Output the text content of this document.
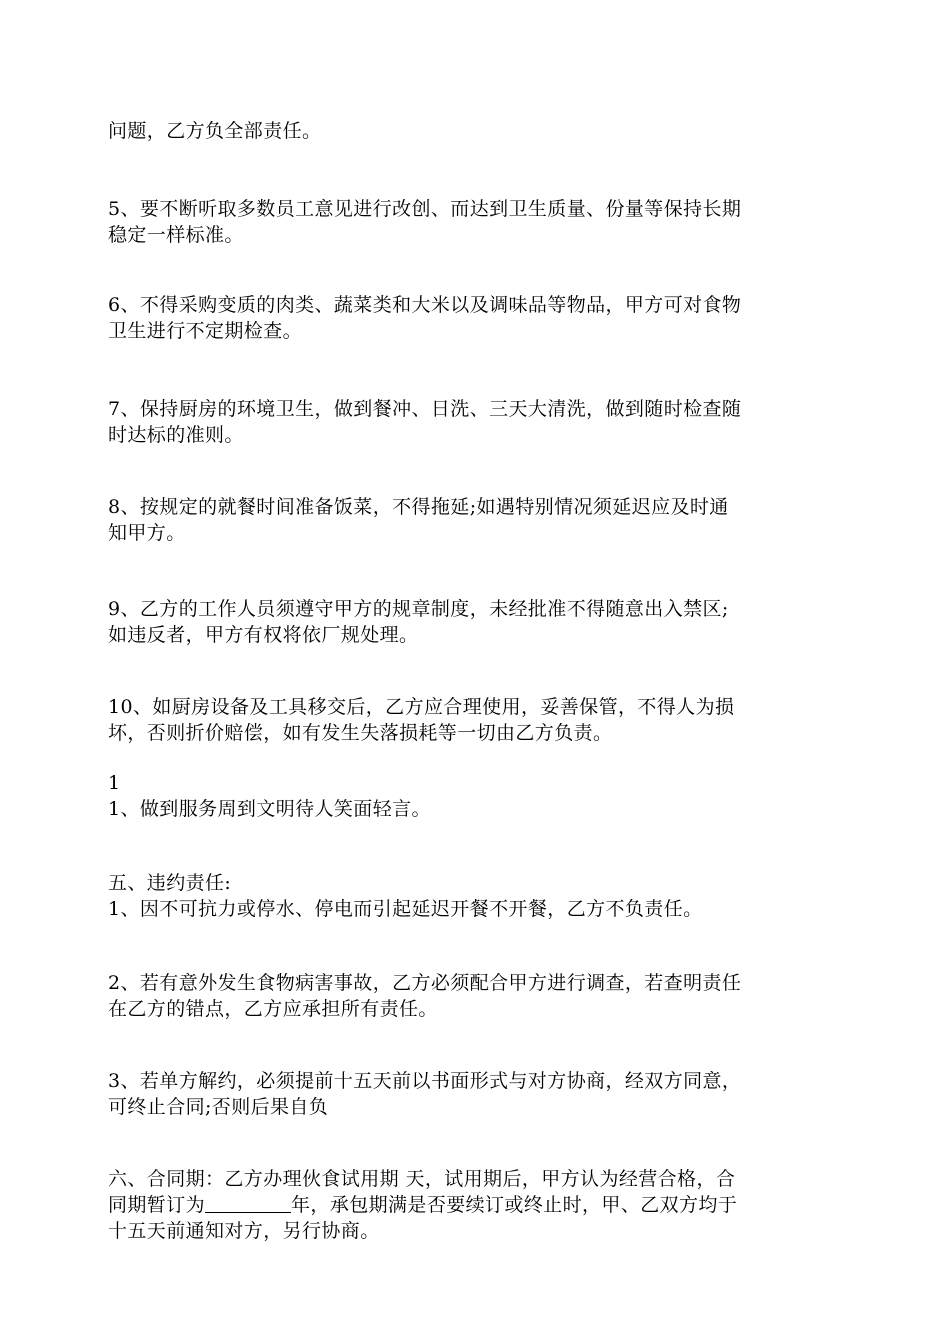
问题，乙方负全部责任。
5、要不断听取多数员工意见进行改创、而达到卫生质量、份量等保持长期
稳定一样标准。
6、不得采购变质的肉类、蔬菜类和大米以及调味品等物品，甲方可对食物
卫生进行不定期检查。
7、保持厨房的环境卫生，做到餐冲、日洗、三天大清洗，做到随时检查随
时达标的准则。
8、按规定的就餐时间准备饭菜，不得拖延;如遇特别情况须延迟应及时通
知甲方。
9、乙方的工作人员须遵守甲方的规章制度，未经批准不得随意出入禁区;
如违反者，甲方有权将依厂规处理。
10、如厨房设备及工具移交后，乙方应合理使用，妥善保管，不得人为损
坏，否则折价赔偿，如有发生失落损耗等一切由乙方负责。
1
1、做到服务周到文明待人笑面轻言。
五、违约责任:
1、因不可抗力或停水、停电而引起延迟开餐不开餐，乙方不负责任。
2、若有意外发生食物病害事故，乙方必须配合甲方进行调查，若查明责任
在乙方的错点，乙方应承担所有责任。
3、若单方解约，必须提前十五天前以书面形式与对方协商，经双方同意，
可终止合同;否则后果自负
六、合同期：乙方办理伙食试用期 天，试用期后，甲方认为经营合格，合
同期暂订为	年，承包期满是否要续订或终止时，甲、乙双方均于
十五天前通知对方，另行协商。
